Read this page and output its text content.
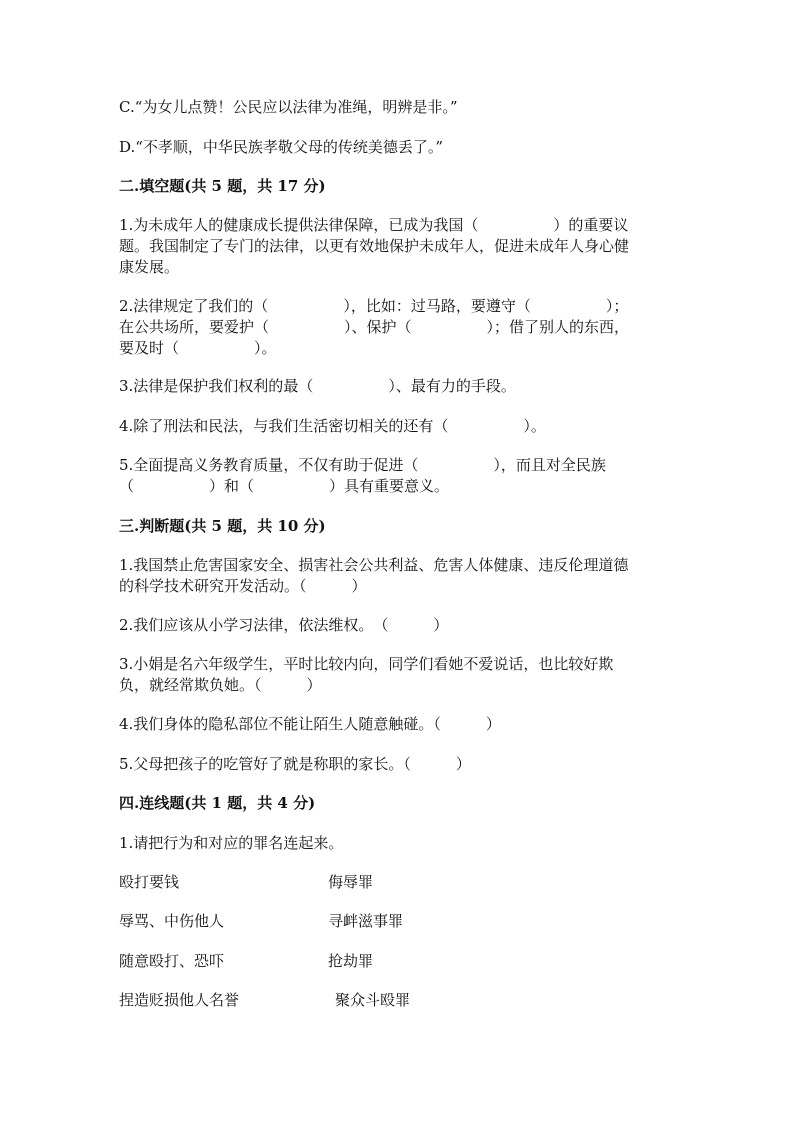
C.“为女儿点赞！公民应以法律为准绳，明辨是非。”
D.“不孝顺，中华民族孝敬父母的传统美德丢了。”
二.填空题(共 5 题，共 17 分)
1.为未成年人的健康成长提供法律保障，已成为我国（　　　　　）的重要议
题。我国制定了专门的法律，以更有效地保护未成年人，促进未成年人身心健
康发展。
2.法律规定了我们的（　　　　　），比如：过马路，要遵守（　　　　　）；
在公共场所，要爱护（　　　　　）、保护（　　　　　）；借了别人的东西，
要及时（　　　　　）。
3.法律是保护我们权利的最（　　　　　）、最有力的手段。
4.除了刑法和民法，与我们生活密切相关的还有（　　　　　）。
5.全面提高义务教育质量，不仅有助于促进（　　　　　），而且对全民族
（　　　　　）和（　　　　　）具有重要意义。
三.判断题(共 5 题，共 10 分)
1.我国禁止危害国家安全、损害社会公共利益、危害人体健康、违反伦理道德
的科学技术研究开发活动。（　　　）
2.我们应该从小学习法律，依法维权。　（　　　）
3.小娟是名六年级学生，平时比较内向，同学们看她不爱说话，也比较好欺
负，就经常欺负她。（　　　）
4.我们身体的隐私部位不能让陌生人随意触碰。（　　　）
5.父母把孩子的吃管好了就是称职的家长。（　　　）
四.连线题(共 1 题，共 4 分)
1.请把行为和对应的罪名连起来。
殴打要钱	侮辱罪
辱骂、中伤他人	寻衅滋事罪
随意殴打、恐吓	抢劫罪
捏造贬损他人名誉	聚众斗殴罪
